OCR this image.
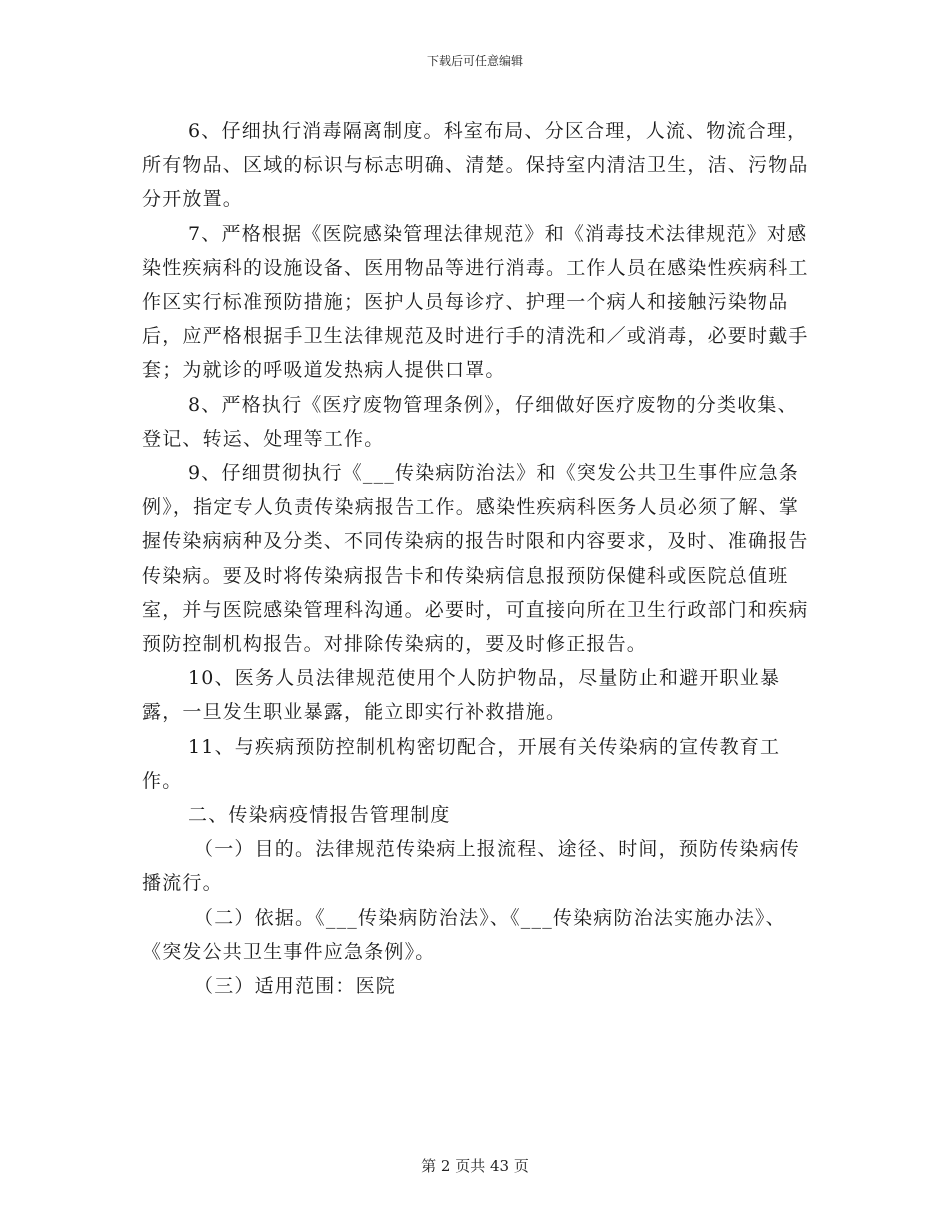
下载后可任意编辑

6、仔细执行消毒隔离制度。科室布局、分区合理，人流、物流合理，所有物品、区域的标识与标志明确、清楚。保持室内清洁卫生，洁、污物品分开放置。

7、严格根据《医院感染管理法律规范》和《消毒技术法律规范》对感染性疾病科的设施设备、医用物品等进行消毒。工作人员在感染性疾病科工作区实行标准预防措施；医护人员每诊疗、护理一个病人和接触污染物品后，应严格根据手卫生法律规范及时进行手的清洗和／或消毒，必要时戴手套；为就诊的呼吸道发热病人提供口罩。

8、严格执行《医疗废物管理条例》，仔细做好医疗废物的分类收集、登记、转运、处理等工作。

9、仔细贯彻执行《___传染病防治法》和《突发公共卫生事件应急条例》，指定专人负责传染病报告工作。感染性疾病科医务人员必须了解、掌握传染病病种及分类、不同传染病的报告时限和内容要求，及时、准确报告传染病。要及时将传染病报告卡和传染病信息报预防保健科或医院总值班室，并与医院感染管理科沟通。必要时，可直接向所在卫生行政部门和疾病预防控制机构报告。对排除传染病的，要及时修正报告。

10、医务人员法律规范使用个人防护物品，尽量防止和避开职业暴露，一旦发生职业暴露，能立即实行补救措施。

11、与疾病预防控制机构密切配合，开展有关传染病的宣传教育工作。

二、传染病疫情报告管理制度

（一）目的。法律规范传染病上报流程、途径、时间，预防传染病传播流行。

（二）依据。《___传染病防治法》、《___传染病防治法实施办法》、《突发公共卫生事件应急条例》。

（三）适用范围：医院

第 2 页共 43 页
